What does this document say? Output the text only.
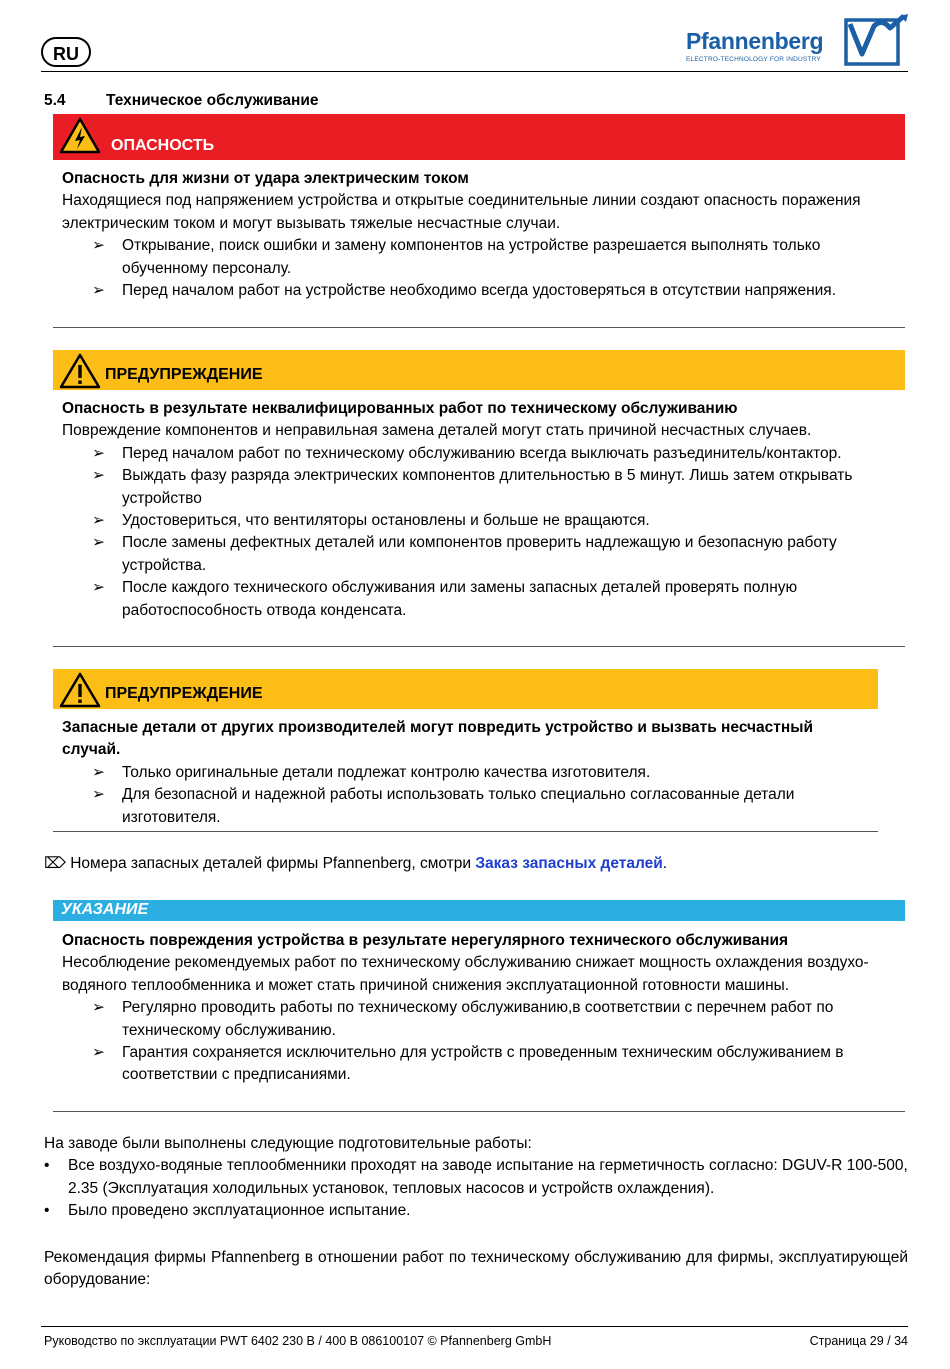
RU	Pfannenberg
ELECTRO-TECHNOLOGY FOR INDUSTRY
5.4	Техническое обслуживание
ОПАСНОСТЬ

Опасность для жизни от удара электрическим током

Находящиеся под напряжением устройства и открытые соединительные линии создают опасность поражения электрическим током и могут вызывать тяжелые несчастные случаи.

➢ Открывание, поиск ошибки и замену компонентов на устройстве разрешается выполнять только обученному персоналу.
➢ Перед началом работ на устройстве необходимо всегда удостоверяться в отсутствии напряжения.
ПРЕДУПРЕЖДЕНИЕ

Опасность в результате неквалифицированных работ по техническому обслуживанию

Повреждение компонентов и неправильная замена деталей могут стать причиной несчастных случаев.

➢ Перед началом работ по техническому обслуживанию всегда выключать разъединитель/контактор.
➢ Выждать фазу разряда электрических компонентов длительностью в 5 минут. Лишь затем открывать устройство
➢ Удостовериться, что вентиляторы остановлены и больше не вращаются.
➢ После замены дефектных деталей или компонентов проверить надлежащую и безопасную работу устройства.
➢ После каждого технического обслуживания или замены запасных деталей проверять полную работоспособность отвода конденсата.
ПРЕДУПРЕЖДЕНИЕ

Запасные детали от других производителей могут повредить устройство и вызвать несчастный случай.

➢ Только оригинальные детали подлежат контролю качества изготовителя.
➢ Для безопасной и надежной работы использовать только специально согласованные детали изготовителя.
⌦ Номера запасных деталей фирмы Pfannenberg, смотри Заказ запасных деталей.
УКАЗАНИЕ

Опасность повреждения устройства в результате нерегулярного технического обслуживания

Несоблюдение рекомендуемых работ по техническому обслуживанию снижает мощность охлаждения воздухо-водяного теплообменника и может стать причиной снижения эксплуатационной готовности машины.

➢ Регулярно проводить работы по техническому обслуживанию,в соответствии с перечнем работ по техническому обслуживанию.
➢ Гарантия сохраняется исключительно для устройств с проведенным техническим обслуживанием в соответствии с предписаниями.

На заводе были выполнены следующие подготовительные работы:

• Все воздухо-водяные теплообменники проходят на заводе испытание на герметичность согласно: DGUV-R 100-500, 2.35 (Эксплуатация холодильных установок, тепловых насосов и устройств охлаждения).
• Было проведено эксплуатационное испытание.
Рекомендация фирмы Pfannenberg в отношении работ по техническому обслуживанию для фирмы, эксплуатирующей оборудование:
Руководство по эксплуатации PWT 6402 230 B / 400 B 086100107 © Pfannenberg GmbH	Страница 29 / 34
